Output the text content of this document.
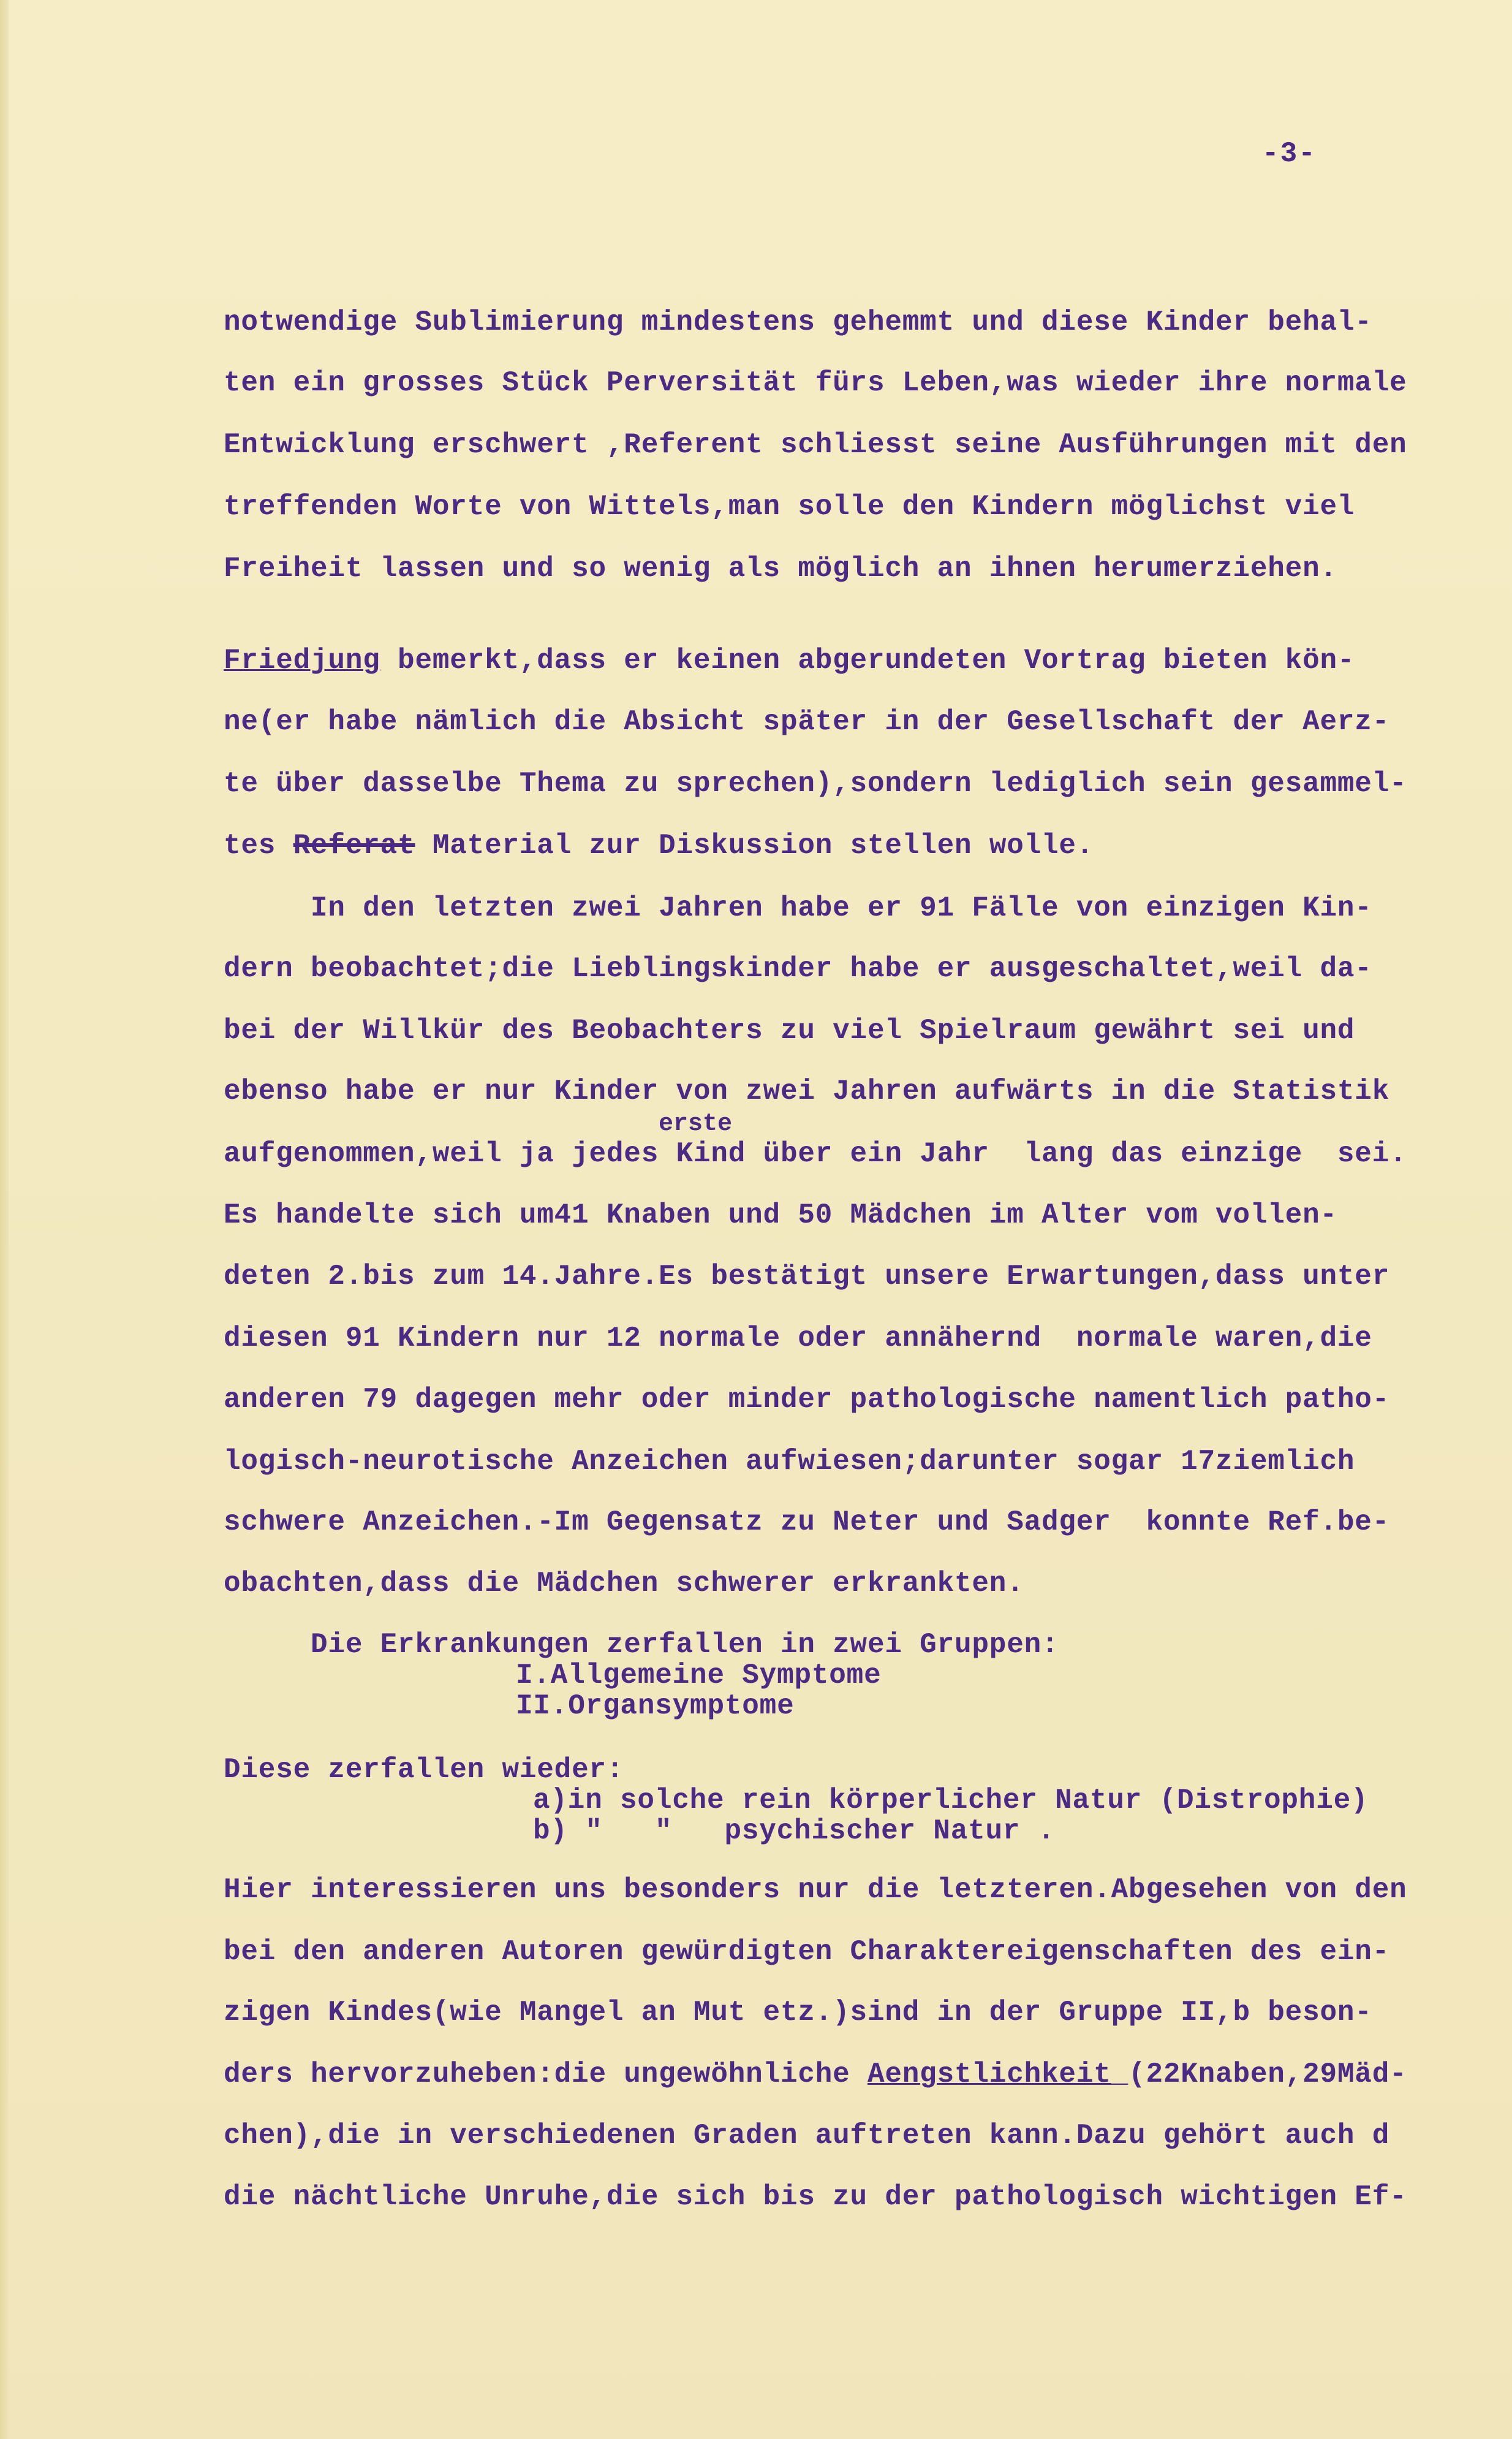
-3-
notwendige Sublimierung mindestens gehemmt und diese Kinder behal-
ten ein grosses Stück Perversität fürs Leben,was wieder ihre normale
Entwicklung erschwert ,Referent schliesst seine Ausführungen mit den
treffenden Worte von Wittels,man solle den Kindern möglichst viel
Freiheit lassen und so wenig als möglich an ihnen herumerziehen.
Friedjung bemerkt,dass er keinen abgerundeten Vortrag bieten kön-
ne(er habe nämlich die Absicht später in der Gesellschaft der Aerz-
te über dasselbe Thema zu sprechen),sondern lediglich sein gesammel-
tes Referat Material zur Diskussion stellen wolle.
In den letzten zwei Jahren habe er 91 Fälle von einzigen Kin-
dern beobachtet;die Lieblingskinder habe er ausgeschaltet,weil da-
bei der Willkür des Beobachters zu viel Spielraum gewährt sei und
ebenso habe er nur Kinder von zwei Jahren aufwärts in die Statistik
erste
aufgenommen,weil ja jedes Kind über ein Jahr  lang das einzige  sei.
Es handelte sich um41 Knaben und 50 Mädchen im Alter vom vollen-
deten 2.bis zum 14.Jahre.Es bestätigt unsere Erwartungen,dass unter
diesen 91 Kindern nur 12 normale oder annähernd  normale waren,die
anderen 79 dagegen mehr oder minder pathologische namentlich patho-
logisch-neurotische Anzeichen aufwiesen;darunter sogar 17ziemlich
schwere Anzeichen.-Im Gegensatz zu Neter und Sadger  konnte Ref.be-
obachten,dass die Mädchen schwerer erkrankten.
Die Erkrankungen zerfallen in zwei Gruppen:
I.Allgemeine Symptome
II.Organsymptome
Diese zerfallen wieder:
a)in solche rein körperlicher Natur (Distrophie)
b) "   "   psychischer Natur .
Hier interessieren uns besonders nur die letzteren.Abgesehen von den
bei den anderen Autoren gewürdigten Charaktereigenschaften des ein-
zigen Kindes(wie Mangel an Mut etz.)sind in der Gruppe II,b beson-
ders hervorzuheben:die ungewöhnliche Aengstlichkeit_(22Knaben,29Mäd-
chen),die in verschiedenen Graden auftreten kann.Dazu gehört auch d
die nächtliche Unruhe,die sich bis zu der pathologisch wichtigen Ef-
